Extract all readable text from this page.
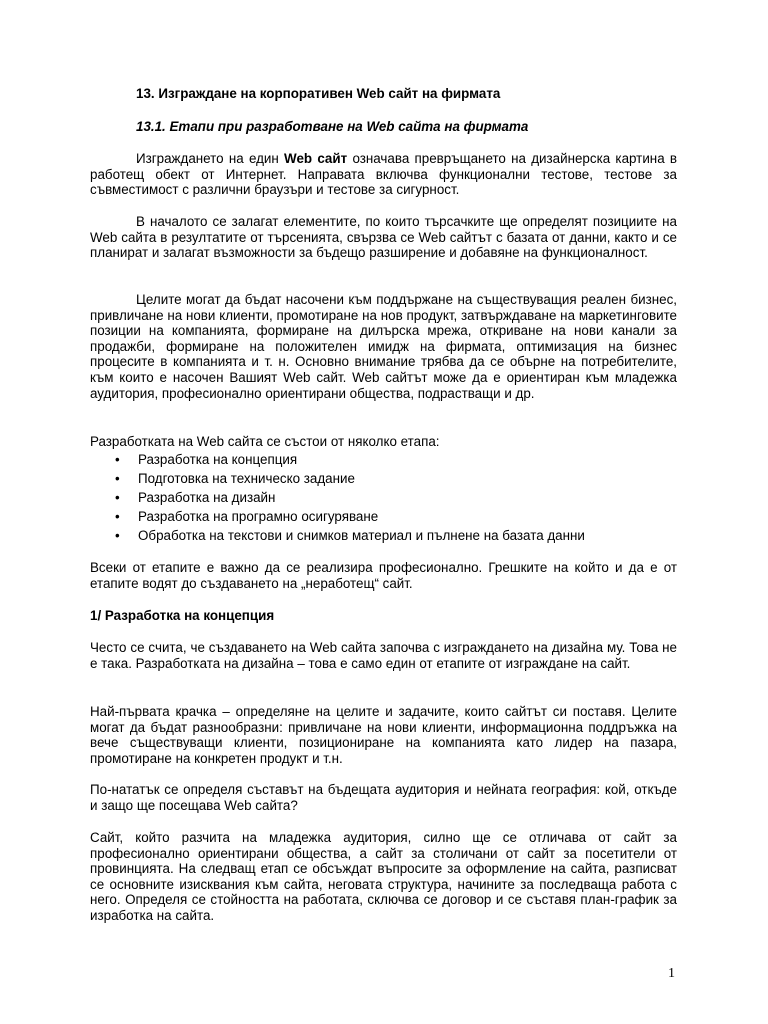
13. Изграждане на корпоративен Web сайт на фирмата

13.1. Етапи при разработване на Web сайта на фирмата

Изграждането на един Web сайт означава превръщането на дизайнерска картина в работещ обект от Интернет. Направата включва функционални тестове, тестове за съвместимост с различни браузъри и тестове за сигурност.

В началото се залагат елементите, по които търсачките ще определят позициите на Web сайта в резултатите от търсенията, свързва се Web сайтът с базата от данни, както и се планират и залагат възможности за бъдещо разширение и добавяне на функционалност.

Целите могат да бъдат насочени към поддържане на съществуващия реален бизнес, привличане на нови клиенти, промотиране на нов продукт, затвърждаване на маркетинговите позиции на компанията, формиране на дилърска мрежа, откриване на нови канали за продажби, формиране на положителен имидж на фирмата, оптимизация на бизнес процесите в компанията и т. н. Основно внимание трябва да се обърне на потребителите, към които е насочен Вашият Web сайт. Web сайтът може да е ориентиран към младежка аудитория, професионално ориентирани общества, подрастващи и др.

Разработката на Web сайта се състои от няколко етапа:

• Разработка на концепция
• Подготовка на техническо задание
• Разработка на дизайн
• Разработка на програмно осигуряване
• Обработка на текстови и снимков материал и пълнене на базата данни

Всеки от етапите е важно да се реализира професионално. Грешките на който и да е от етапите водят до създаването на „неработещ“ сайт.

1/ Разработка на концепция

Често се счита, че създаването на Web сайта започва с изграждането на дизайна му. Това не е така. Разработката на дизайна – това е само един от етапите от изграждане на сайт.

Най-първата крачка – определяне на целите и задачите, които сайтът си поставя. Целите могат да бъдат разнообразни: привличане на нови клиенти, информационна поддръжка на вече съществуващи клиенти, позициониране на компанията като лидер на пазара, промотиране на конкретен продукт и т.н.

По-нататък се определя съставът на бъдещата аудитория и нейната география: кой, откъде и защо ще посещава Web сайта?

Сайт, който разчита на младежка аудитория, силно ще се отличава от сайт за професионално ориентирани общества, а сайт за столичани от сайт за посетители от провинцията. На следващ етап се обсъждат въпросите за оформление на сайта, разписват се основните изисквания към сайта, неговата структура, начините за последваща работа с него. Определя се стойността на работата, сключва се договор и се съставя план-график за изработка на сайта.

1
